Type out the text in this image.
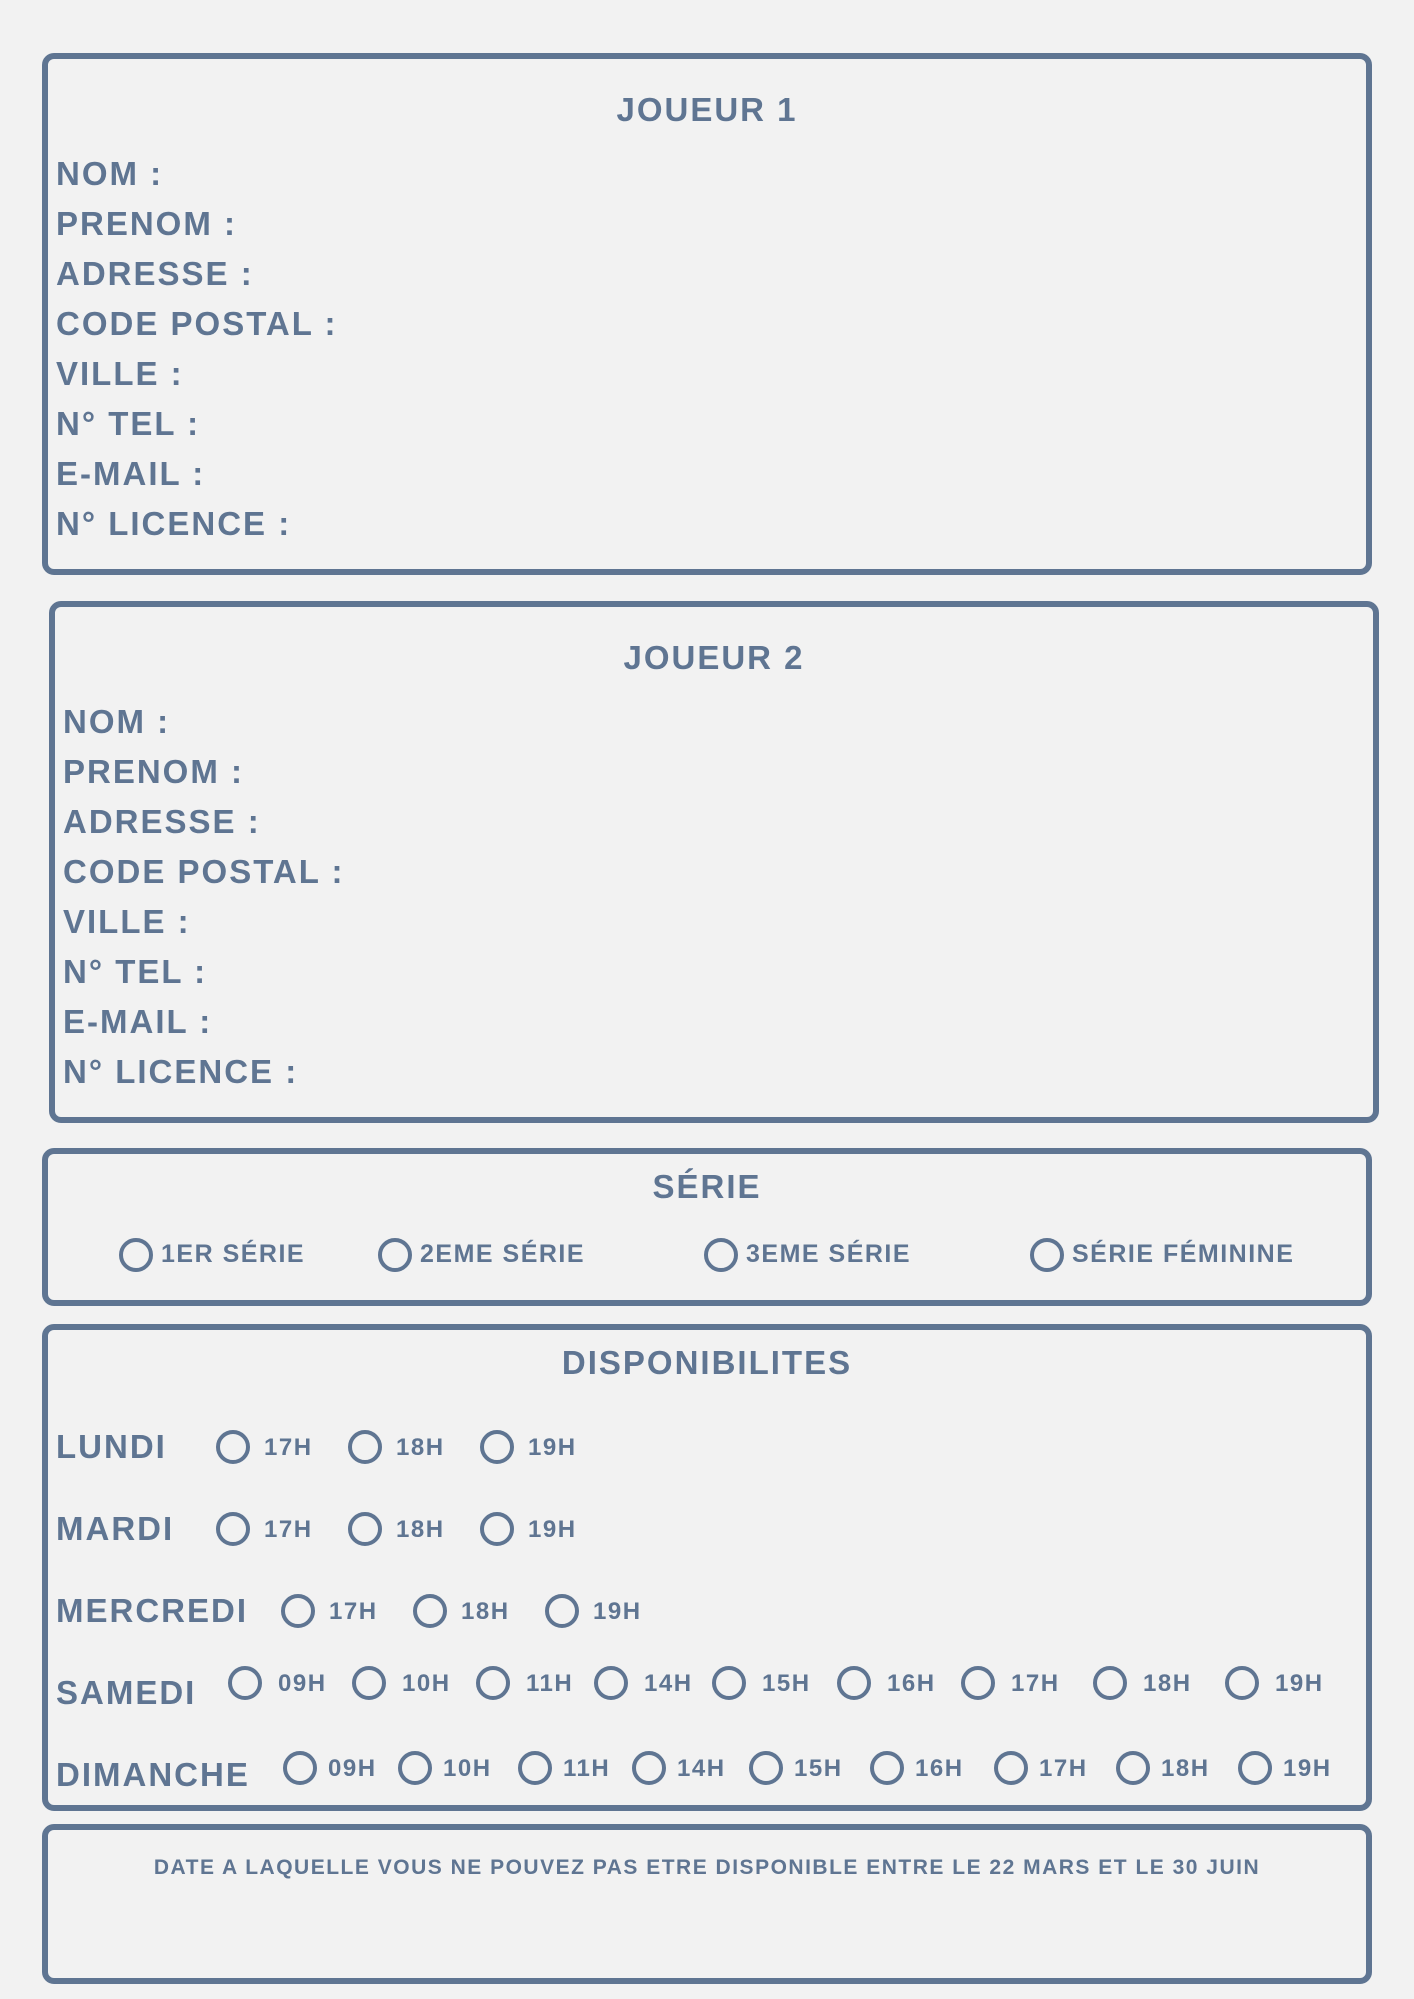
JOUEUR 1
NOM :
PRENOM :
ADRESSE :
CODE POSTAL :
VILLE :
N° TEL :
E-MAIL :
N° LICENCE :
JOUEUR 2
NOM :
PRENOM :
ADRESSE :
CODE POSTAL :
VILLE :
N° TEL :
E-MAIL :
N° LICENCE :
SÉRIE
1ER SÉRIE	2EME SÉRIE	3EME SÉRIE	SÉRIE FÉMININE
DISPONIBILITES
LUNDI	17H	18H	19H
MARDI	17H	18H	19H
MERCREDI	17H	18H	19H
SAMEDI	09H	10H	11H	14H	15H	16H	17H	18H	19H
DIMANCHE	09H	10H	11H	14H	15H	16H	17H	18H	19H
DATE A LAQUELLE VOUS NE POUVEZ PAS ETRE DISPONIBLE ENTRE LE 22 MARS ET LE 30 JUIN
